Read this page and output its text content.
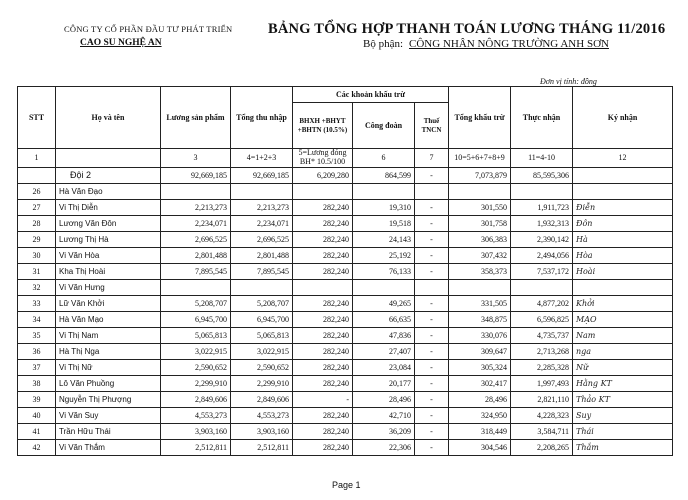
CÔNG TY CỔ PHẦN ĐẦU TƯ PHÁT TRIỂN
CAO SU NGHỆ AN
BẢNG TỔNG HỢP THANH TOÁN LƯƠNG THÁNG 11/2016
Bộ phận: CÔNG NHÂN NÔNG TRƯỜNG ANH SƠN
Đơn vị tính: đồng
STT	Họ và tên	Lương sản phẩm	Tổng thu nhập	Các khoản khấu trừ			Tổng khấu trừ	Thực nhận	Ký nhận
				BHXH +BHYT +BHTN (10.5%)	Công đoàn	Thuế TNCN			
1		3	4=1+2+3	5=Lương đóng BH* 10.5/100	6	7	10=5+6+7+8+9	11=4-10	12
	Đội 2	92,669,185	92,669,185	6,209,280	864,599	-	7,073,879	85,595,306	
26	Hà Văn Đạo								
27	Vi Thị Diễn	2,213,273	2,213,273	282,240	19,310	-	301,550	1,911,723	Điễn
28	Lương Văn Đôn	2,234,071	2,234,071	282,240	19,518	-	301,758	1,932,313	Đôn
29	Lương Thị Hà	2,696,525	2,696,525	282,240	24,143	-	306,383	2,390,142	Hà
30	Vi Văn Hòa	2,801,488	2,801,488	282,240	25,192	-	307,432	2,494,056	Hòa
31	Kha Thị Hoài	7,895,545	7,895,545	282,240	76,133	-	358,373	7,537,172	Hoài
32	Vi Văn Hưng								
33	Lữ Văn Khởi	5,208,707	5,208,707	282,240	49,265	-	331,505	4,877,202	Khởi
34	Hà Văn Mạo	6,945,700	6,945,700	282,240	66,635	-	348,875	6,596,825	MẠO
35	Vi Thị Nam	5,065,813	5,065,813	282,240	47,836	-	330,076	4,735,737	Nam
36	Hà Thị Nga	3,022,915	3,022,915	282,240	27,407	-	309,647	2,713,268	nga
37	Vi Thị Nữ	2,590,652	2,590,652	282,240	23,084	-	305,324	2,285,328	Nữ
38	Lô Văn Phuồng	2,299,910	2,299,910	282,240	20,177	-	302,417	1,997,493	Hằng KT
39	Nguyễn Thị Phượng	2,849,606	2,849,606	-	28,496	-	28,496	2,821,110	Thảo KT
40	Vi Văn Suy	4,553,273	4,553,273	282,240	42,710	-	324,950	4,228,323	Suy
41	Trần Hữu Thái	3,903,160	3,903,160	282,240	36,209	-	318,449	3,584,711	Thái
42	Vi Văn Thắm	2,512,811	2,512,811	282,240	22,306	-	304,546	2,208,265	Thắm
Page 1
